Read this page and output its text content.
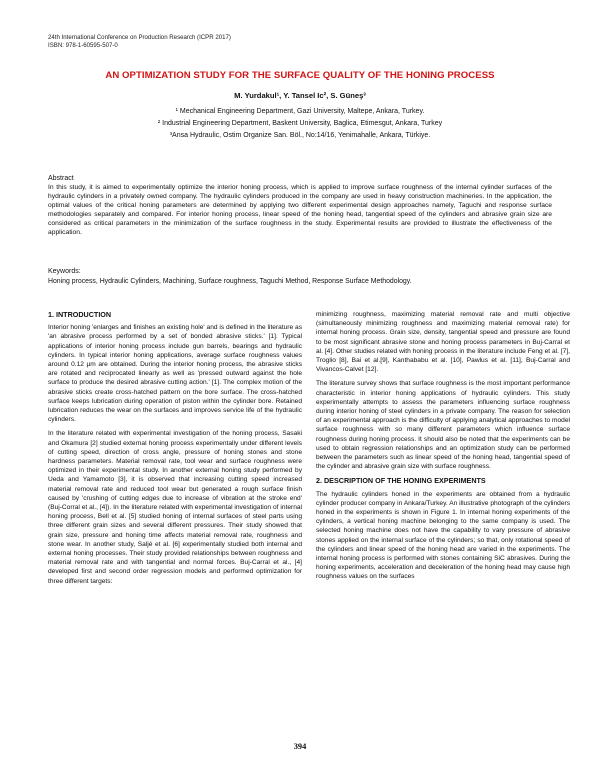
24th International Conference on Production Research (ICPR 2017)
ISBN: 978-1-60595-507-0
AN OPTIMIZATION STUDY FOR THE SURFACE QUALITY OF THE HONING PROCESS
M. Yurdakul¹, Y. Tansel Ic², S. Güneş³
¹ Mechanical Engineering Department, Gazi University, Maltepe, Ankara, Turkey.
² Industrial Engineering Department, Baskent University, Baglica, Etimesgut, Ankara, Turkey
³Ansa Hydraulic, Ostim Organize San. Böl., No:14/16, Yenimahalle, Ankara, Türkiye.
Abstract

In this study, it is aimed to experimentally optimize the interior honing process, which is applied to improve surface roughness of the internal cylinder surfaces of the hydraulic cylinders in a privately owned company. The hydraulic cylinders produced in the company are used in heavy construction machineries. In the application, the optimal values of the critical honing parameters are determined by applying two different experimental design approaches namely, Taguchi and response surface methodologies separately and compared. For interior honing process, linear speed of the honing head, tangential speed of the cylinders and abrasive grain size are considered as critical parameters in the minimization of the surface roughness in the study. Experimental results are provided to illustrate the effectiveness of the application.

Keywords:
Honing process, Hydraulic Cylinders, Machining, Surface roughness, Taguchi Method, Response Surface Methodology.
1. INTRODUCTION

Interior honing 'enlarges and finishes an existing hole' and is defined in the literature as 'an abrasive process performed by a set of bonded abrasive sticks.' [1]. Typical applications of interior honing process include gun barrels, bearings and hydraulic cylinders. In typical interior honing applications, average surface roughness values around 0.12 µm are obtained. During the interior honing process, the abrasive sticks are rotated and reciprocated linearly as well as 'pressed outward against the hole surface to produce the desired abrasive cutting action.' [1]. The complex motion of the abrasive sticks create cross-hatched pattern on the bore surface. The cross-hatched surface keeps lubrication during operation of piston within the cylinder bore. Retained lubrication reduces the wear on the surfaces and improves service life of the hydraulic cylinders.

In the literature related with experimental investigation of the honing process, Sasaki and Okamura [2] studied external honing process experimentally under different levels of cutting speed, direction of cross angle, pressure of honing stones and stone hardness parameters. Material removal rate, tool wear and surface roughness were optimized in their experimental study. In another external honing study performed by Ueda and Yamamoto [3], it is observed that increasing cutting speed increased material removal rate and reduced tool wear but generated a rough surface finish caused by 'crushing of cutting edges due to increase of vibration at the stroke end' (Buj-Corral et al., [4]). In the literature related with experimental investigation of internal honing process, Bell et al. [5] studied honing of internal surfaces of steel parts using three different grain sizes and several different pressures. Their study showed that grain size, pressure and honing time affects material removal rate, roughness and stone wear. In another study, Saljé et al. [6] experimentally studied both internal and external honing processes. Their study provided relationships between roughness and material removal rate and with tangential and normal forces. Buj-Carral et al., [4] developed first and second order regression models and performed optimization for three different targets:

minimizing roughness, maximizing material removal rate and multi objective (simultaneously minimizing roughness and maximizing material removal rate) for internal honing process. Grain size, density, tangential speed and pressure are found to be most significant abrasive stone and honing process parameters in Buj-Carral et al. [4]. Other studies related with honing process in the literature include Feng et al. [7], Troglio [8], Bai et al.[9], Kanthababu et al. [10], Pawlus et al. [11], Buj-Carral and Vivancos-Calvet [12].

The literature survey shows that surface roughness is the most important performance characteristic in interior honing applications of hydraulic cylinders. This study experimentally attempts to assess the parameters influencing surface roughness during interior honing of steel cylinders in a private company. The reason for selection of an experimental approach is the difficulty of applying analytical approaches to model surface roughness with so many different parameters which influence surface roughness during honing process. It should also be noted that the experiments can be used to obtain regression relationships and an optimization study can be performed between the parameters such as linear speed of the honing head, tangential speed of the cylinder and abrasive grain size with surface roughness.

2. DESCRIPTION OF THE HONING EXPERIMENTS

The hydraulic cylinders honed in the experiments are obtained from a hydraulic cylinder producer company in Ankara/Turkey. An illustrative photograph of the cylinders honed in the experiments is shown in Figure 1. In internal honing experiments of the cylinders, a vertical honing machine belonging to the same company is used. The selected honing machine does not have the capability to vary pressure of abrasive stones applied on the internal surface of the cylinders; so that, only rotational speed of the cylinders and linear speed of the honing head are varied in the experiments. The internal honing process is performed with stones containing SiC abrasives. During the honing experiments, acceleration and deceleration of the honing head may cause high roughness values on the surfaces

394
